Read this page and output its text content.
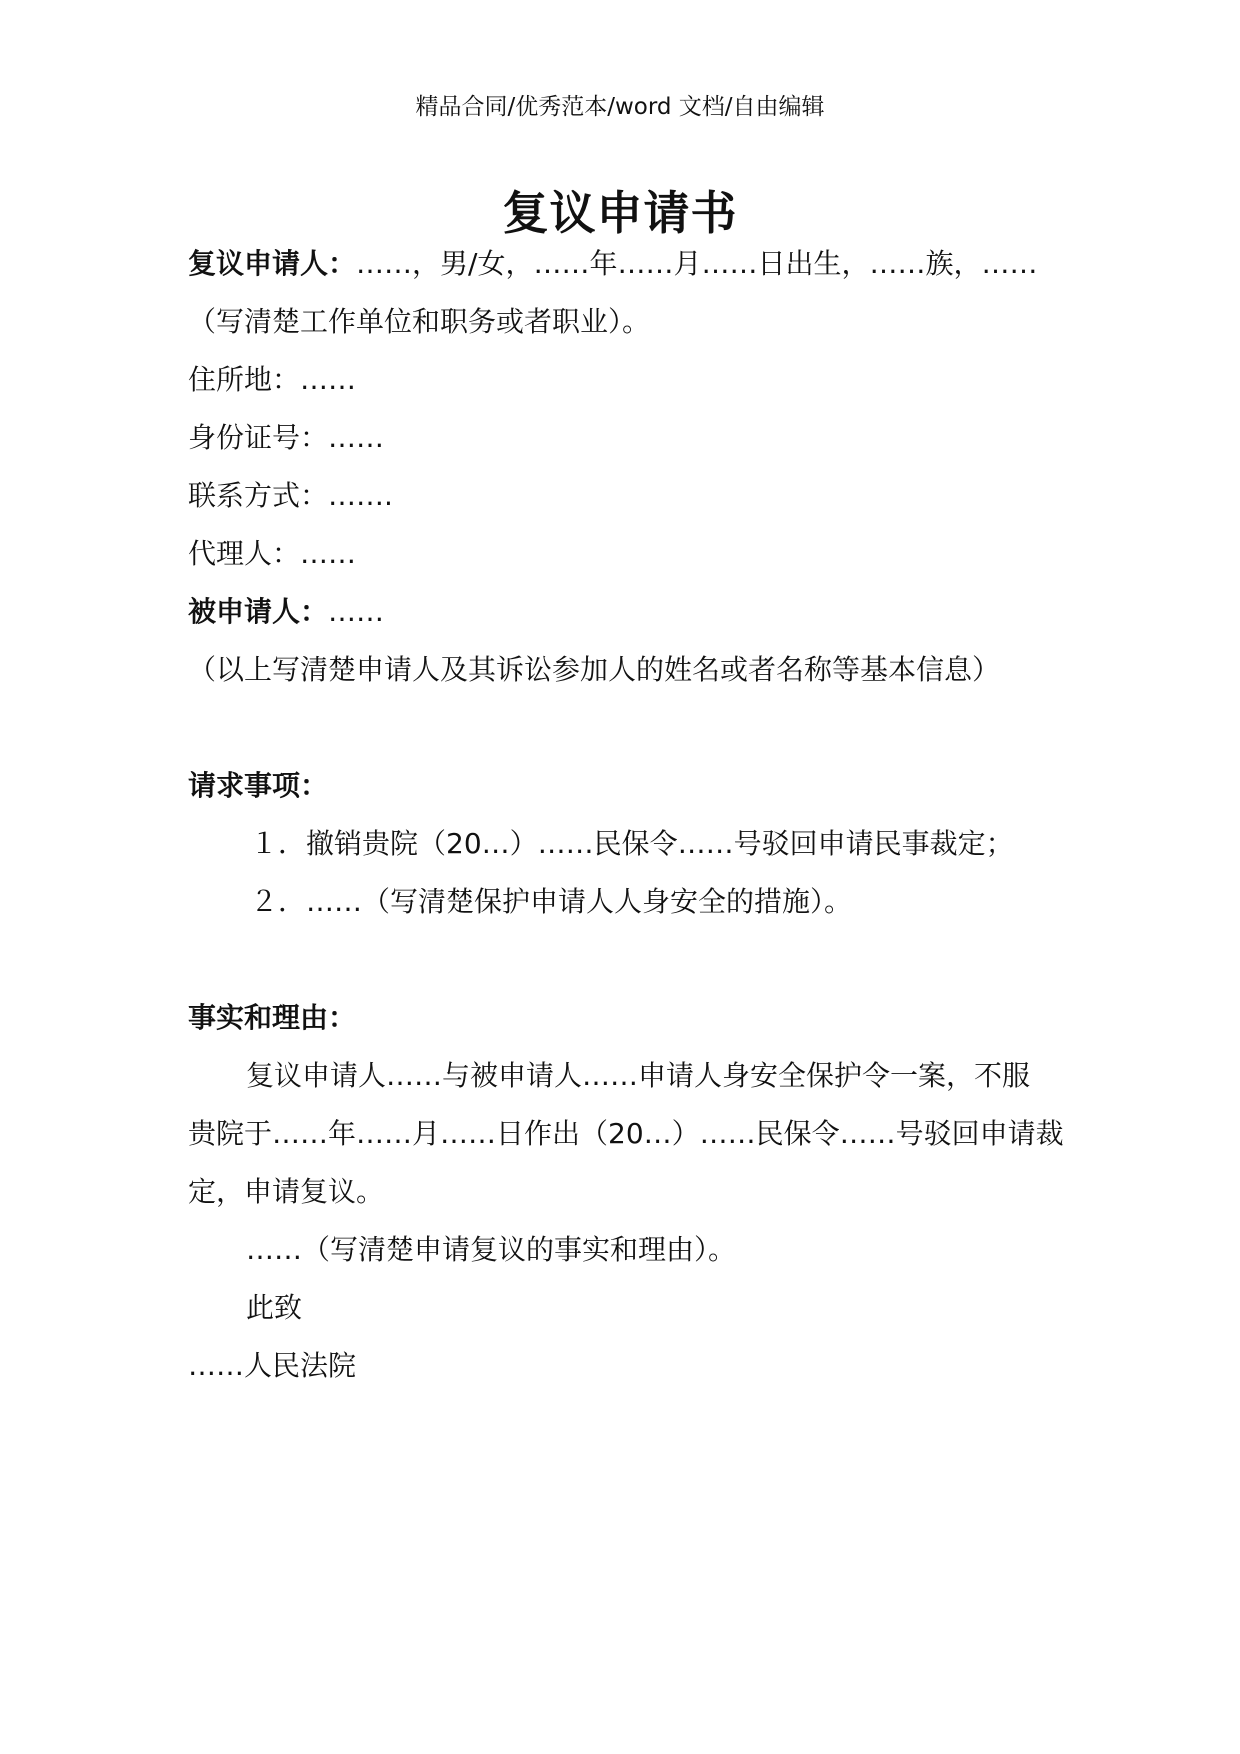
精品合同/优秀范本/word 文档/自由编辑
复议申请书
复议申请人：……，男/女，……年……月……日出生，……族，……
（写清楚工作单位和职务或者职业）。
住所地：……
身份证号：……
联系方式：…….
代理人：……
被申请人：……
（以上写清楚申请人及其诉讼参加人的姓名或者名称等基本信息）
请求事项：
１．撤销贵院（20…）……民保令……号驳回申请民事裁定；
２．……（写清楚保护申请人人身安全的措施）。
事实和理由：
复议申请人……与被申请人……申请人身安全保护令一案，不服
贵院于……年……月……日作出（20…）……民保令……号驳回申请裁
定，申请复议。
……（写清楚申请复议的事实和理由）。
此致
……人民法院
